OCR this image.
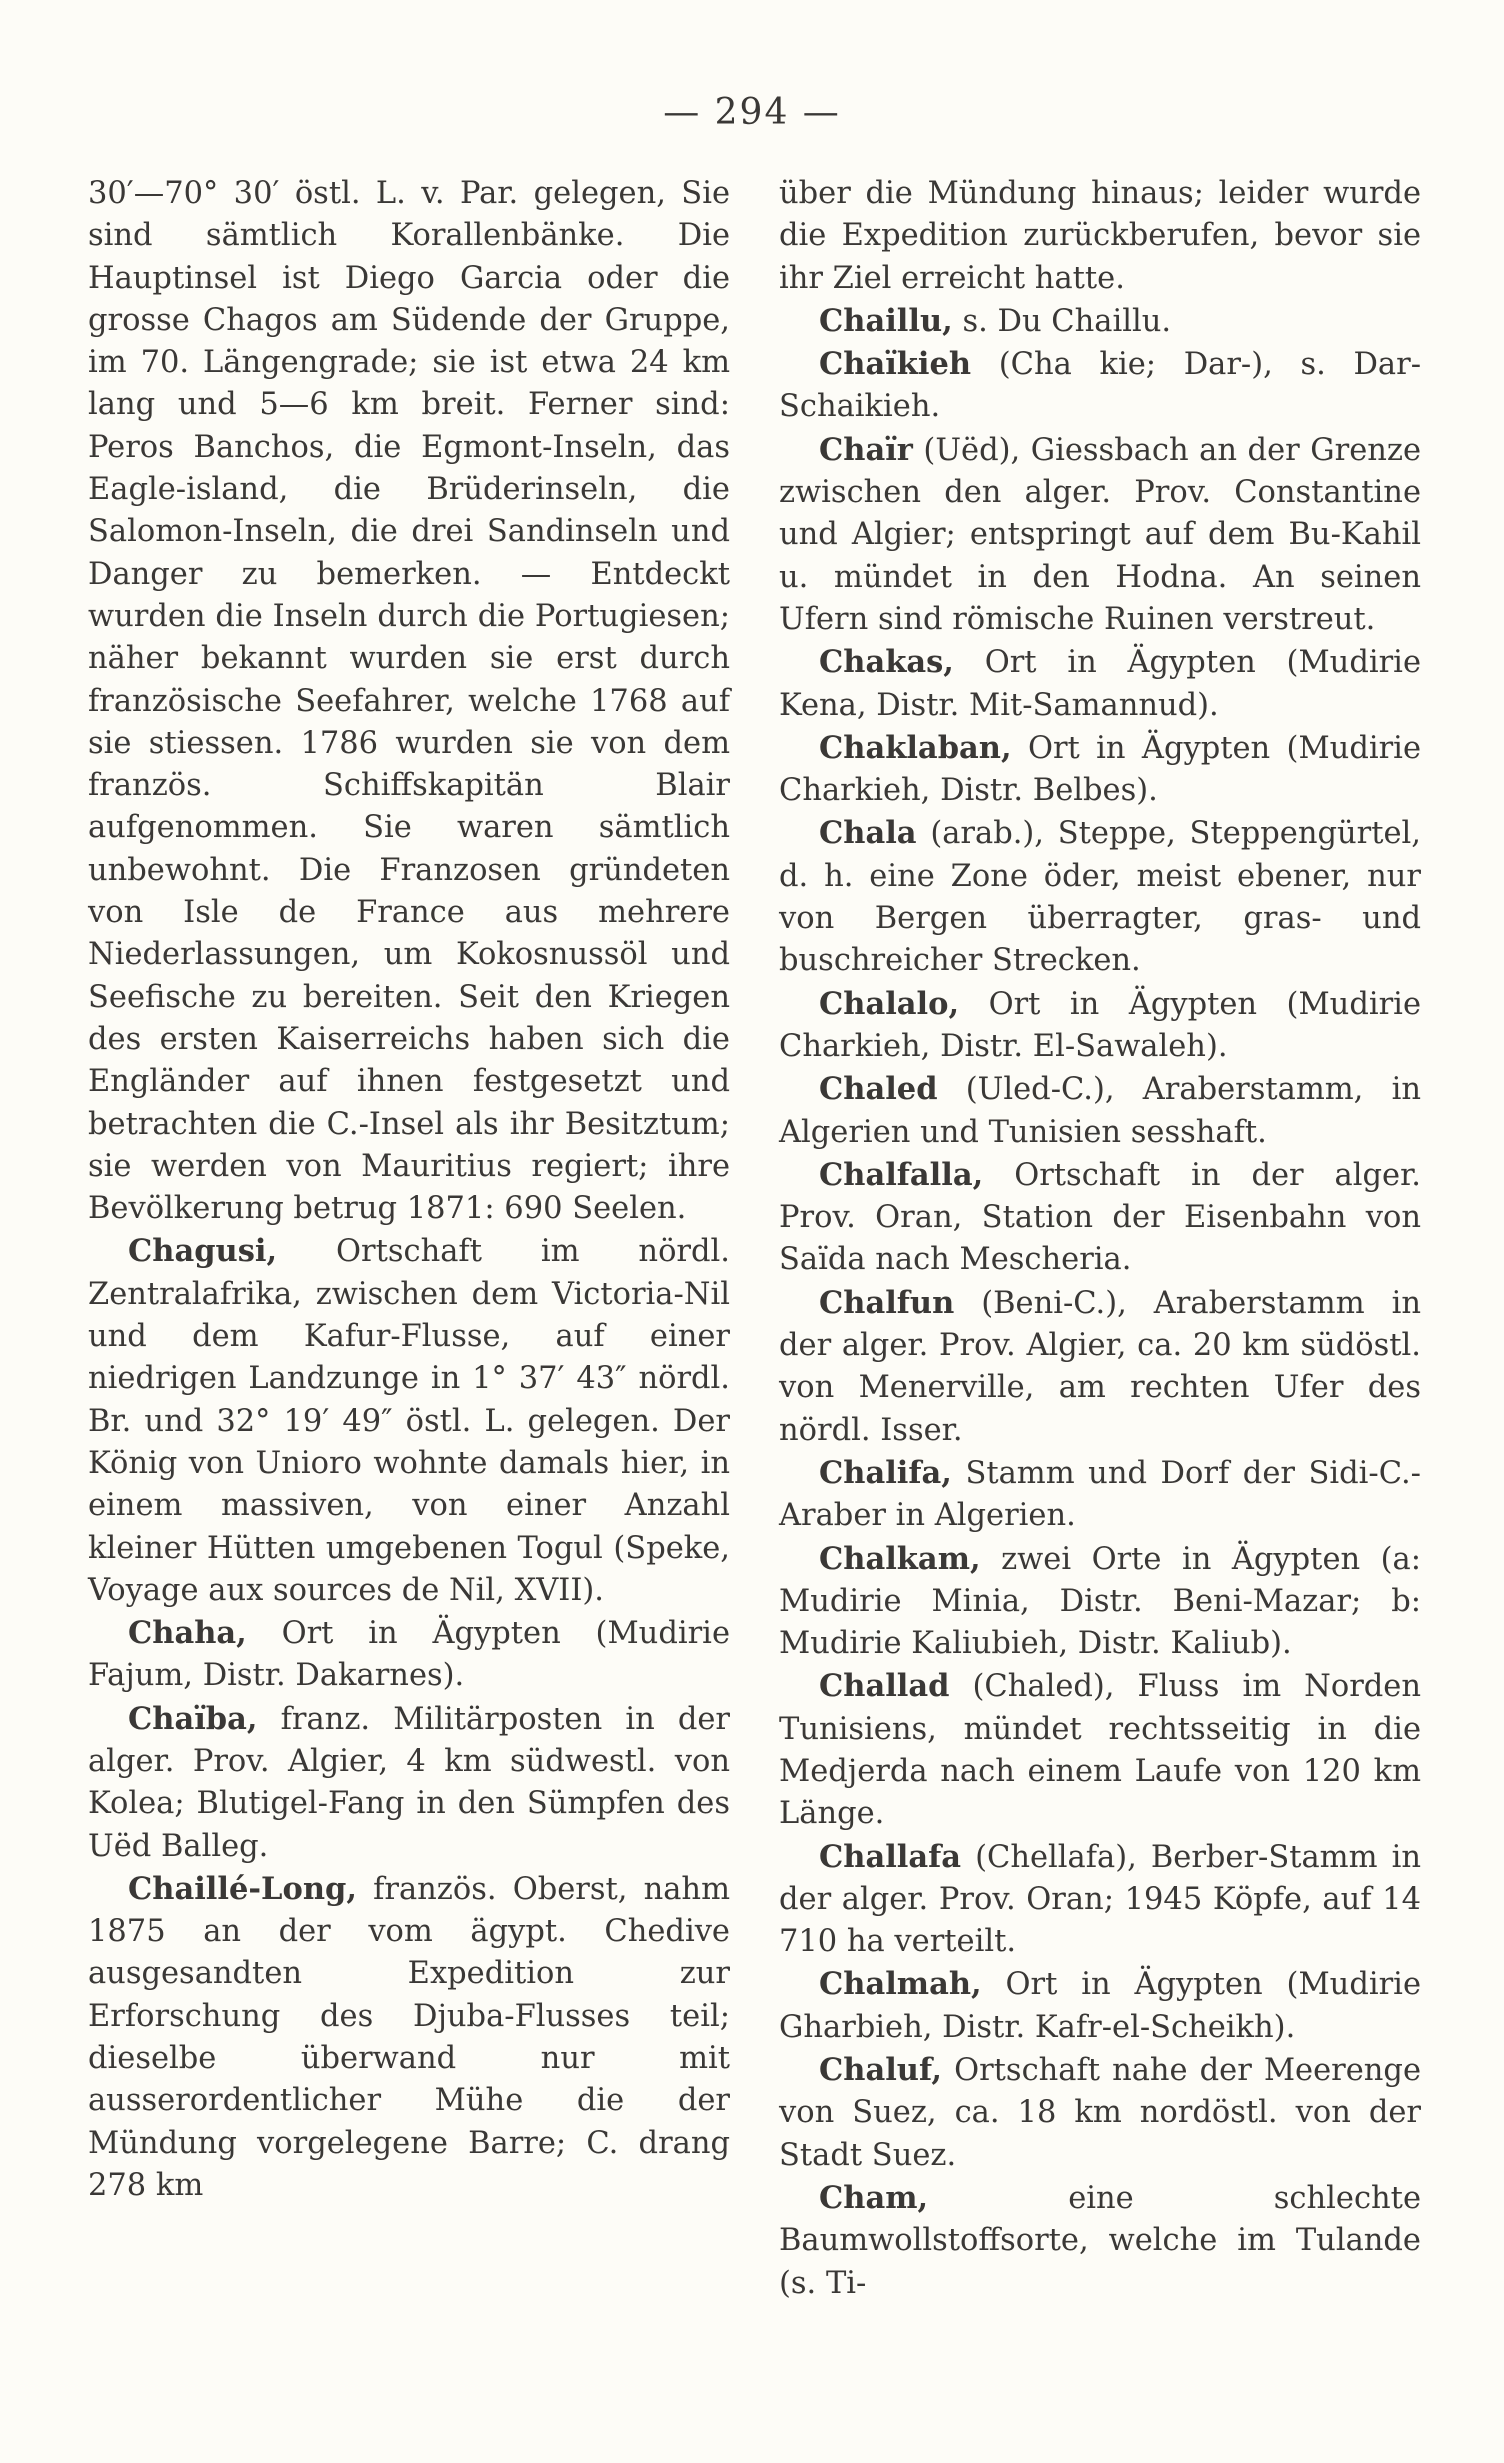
— 294 —

30′—70° 30′ östl. L. v. Par. gelegen, Sie sind sämtlich Korallenbänke. Die Hauptinsel ist Diego Garcia oder die grosse Chagos am Südende der Gruppe, im 70. Längengrade; sie ist etwa 24 km lang und 5—6 km breit. Ferner sind: Peros Banchos, die Egmont-Inseln, das Eagle-island, die Brüderinseln, die Salomon-Inseln, die drei Sandinseln und Danger zu bemerken. — Entdeckt wurden die Inseln durch die Portugiesen; näher bekannt wurden sie erst durch französische Seefahrer, welche 1768 auf sie stiessen. 1786 wurden sie von dem französ. Schiffskapitän Blair aufgenommen. Sie waren sämtlich unbewohnt. Die Franzosen gründeten von Isle de France aus mehrere Niederlassungen, um Kokosnussöl und Seefische zu bereiten. Seit den Kriegen des ersten Kaiserreichs haben sich die Engländer auf ihnen festgesetzt und betrachten die C.-Insel als ihr Besitztum; sie werden von Mauritius regiert; ihre Bevölkerung betrug 1871: 690 Seelen.

Chagusi, Ortschaft im nördl. Zentralafrika, zwischen dem Victoria-Nil und dem Kafur-Flusse, auf einer niedrigen Landzunge in 1° 37′ 43″ nördl. Br. und 32° 19′ 49″ östl. L. gelegen. Der König von Unioro wohnte damals hier, in einem massiven, von einer Anzahl kleiner Hütten umgebenen Togul (Speke, Voyage aux sources de Nil, XVII).

Chaha, Ort in Ägypten (Mudirie Fajum, Distr. Dakarnes).

Chaïba, franz. Militärposten in der alger. Prov. Algier, 4 km südwestl. von Kolea; Blutigel-Fang in den Sümpfen des Uëd Balleg.

Chaillé-Long, französ. Oberst, nahm 1875 an der vom ägypt. Chedive ausgesandten Expedition zur Erforschung des Djuba-Flusses teil; dieselbe überwand nur mit ausserordentlicher Mühe die der Mündung vorgelegene Barre; C. drang 278 km

über die Mündung hinaus; leider wurde die Expedition zurückberufen, bevor sie ihr Ziel erreicht hatte.

Chaillu, s. Du Chaillu.

Chaïkieh (Cha kie; Dar-), s. Dar-Schaikieh.

Chaïr (Uëd), Giessbach an der Grenze zwischen den alger. Prov. Constantine und Algier; entspringt auf dem Bu-Kahil u. mündet in den Hodna. An seinen Ufern sind römische Ruinen verstreut.

Chakas, Ort in Ägypten (Mudirie Kena, Distr. Mit-Samannud).

Chaklaban, Ort in Ägypten (Mudirie Charkieh, Distr. Belbes).

Chala (arab.), Steppe, Steppengürtel, d. h. eine Zone öder, meist ebener, nur von Bergen überragter, gras- und buschreicher Strecken.

Chalalo, Ort in Ägypten (Mudirie Charkieh, Distr. El-Sawaleh).

Chaled (Uled-C.), Araberstamm, in Algerien und Tunisien sesshaft.

Chalfalla, Ortschaft in der alger. Prov. Oran, Station der Eisenbahn von Saïda nach Mescheria.

Chalfun (Beni-C.), Araberstamm in der alger. Prov. Algier, ca. 20 km südöstl. von Menerville, am rechten Ufer des nördl. Isser.

Chalifa, Stamm und Dorf der Sidi-C.-Araber in Algerien.

Chalkam, zwei Orte in Ägypten (a: Mudirie Minia, Distr. Beni-Mazar; b: Mudirie Kaliubieh, Distr. Kaliub).

Challad (Chaled), Fluss im Norden Tunisiens, mündet rechtsseitig in die Medjerda nach einem Laufe von 120 km Länge.

Challafa (Chellafa), Berber-Stamm in der alger. Prov. Oran; 1945 Köpfe, auf 14 710 ha verteilt.

Chalmah, Ort in Ägypten (Mudirie Gharbieh, Distr. Kafr-el-Scheikh).

Chaluf, Ortschaft nahe der Meerenge von Suez, ca. 18 km nordöstl. von der Stadt Suez.

Cham, eine schlechte Baumwollstoffsorte, welche im Tulande (s. Ti-
